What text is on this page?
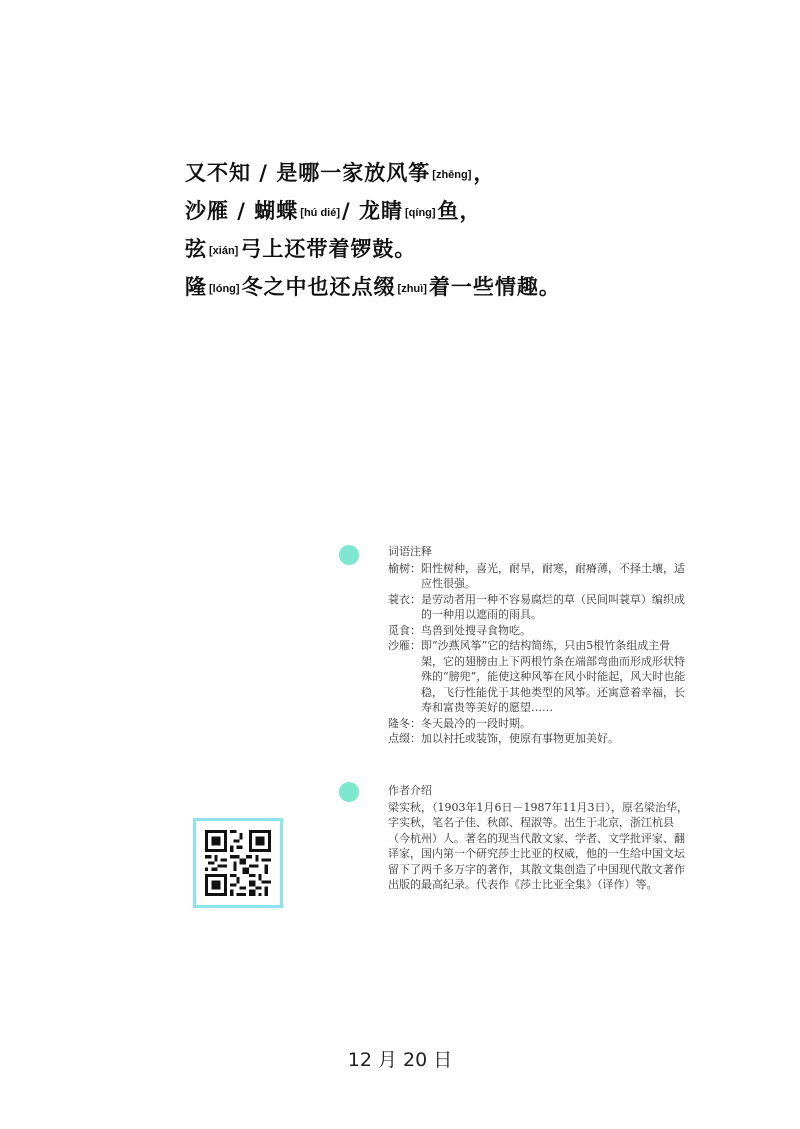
又不知 / 是哪一家放风筝 [zhēng]，
沙雁 / 蝴蝶 [hú dié]/ 龙睛 [qíng]鱼，
弦 [xián]弓上还带着锣鼓。
隆 [lóng]冬之中也还点缀 [zhuì]着一些情趣。
词语注释
榆树： 阳性树种，喜光，耐旱，耐寒，耐瘠薄，不择土壤，适应性很强。
蓑衣： 是劳动者用一种不容易腐烂的草（民间叫蓑草）编织成的一种用以遮雨的雨具。
觅食： 鸟兽到处搜寻食物吃。
沙雁： 即“沙燕风筝”它的结构简练，只由5根竹条组成主骨架，它的翅膀由上下两根竹条在端部弯曲而形成形状特殊的“膀兜”，能使这种风筝在风小时能起，风大时也能稳，飞行性能优于其他类型的风筝。还寓意着幸福，长寿和富贵等美好的愿望……
隆冬： 冬天最冷的一段时期。
点缀： 加以衬托或装饰，使原有事物更加美好。
作者介绍
梁实秋，（1903年1月6日－1987年11月3日），原名梁治华，字实秋，笔名子佳、秋郎、程淑等。出生于北京，浙江杭县（今杭州）人。著名的现当代散文家、学者、文学批评家、翻译家，国内第一个研究莎士比亚的权威，他的一生给中国文坛留下了两千多万字的著作，其散文集创造了中国现代散文著作出版的最高纪录。代表作《莎士比亚全集》（译作）等。
12 月 20 日
